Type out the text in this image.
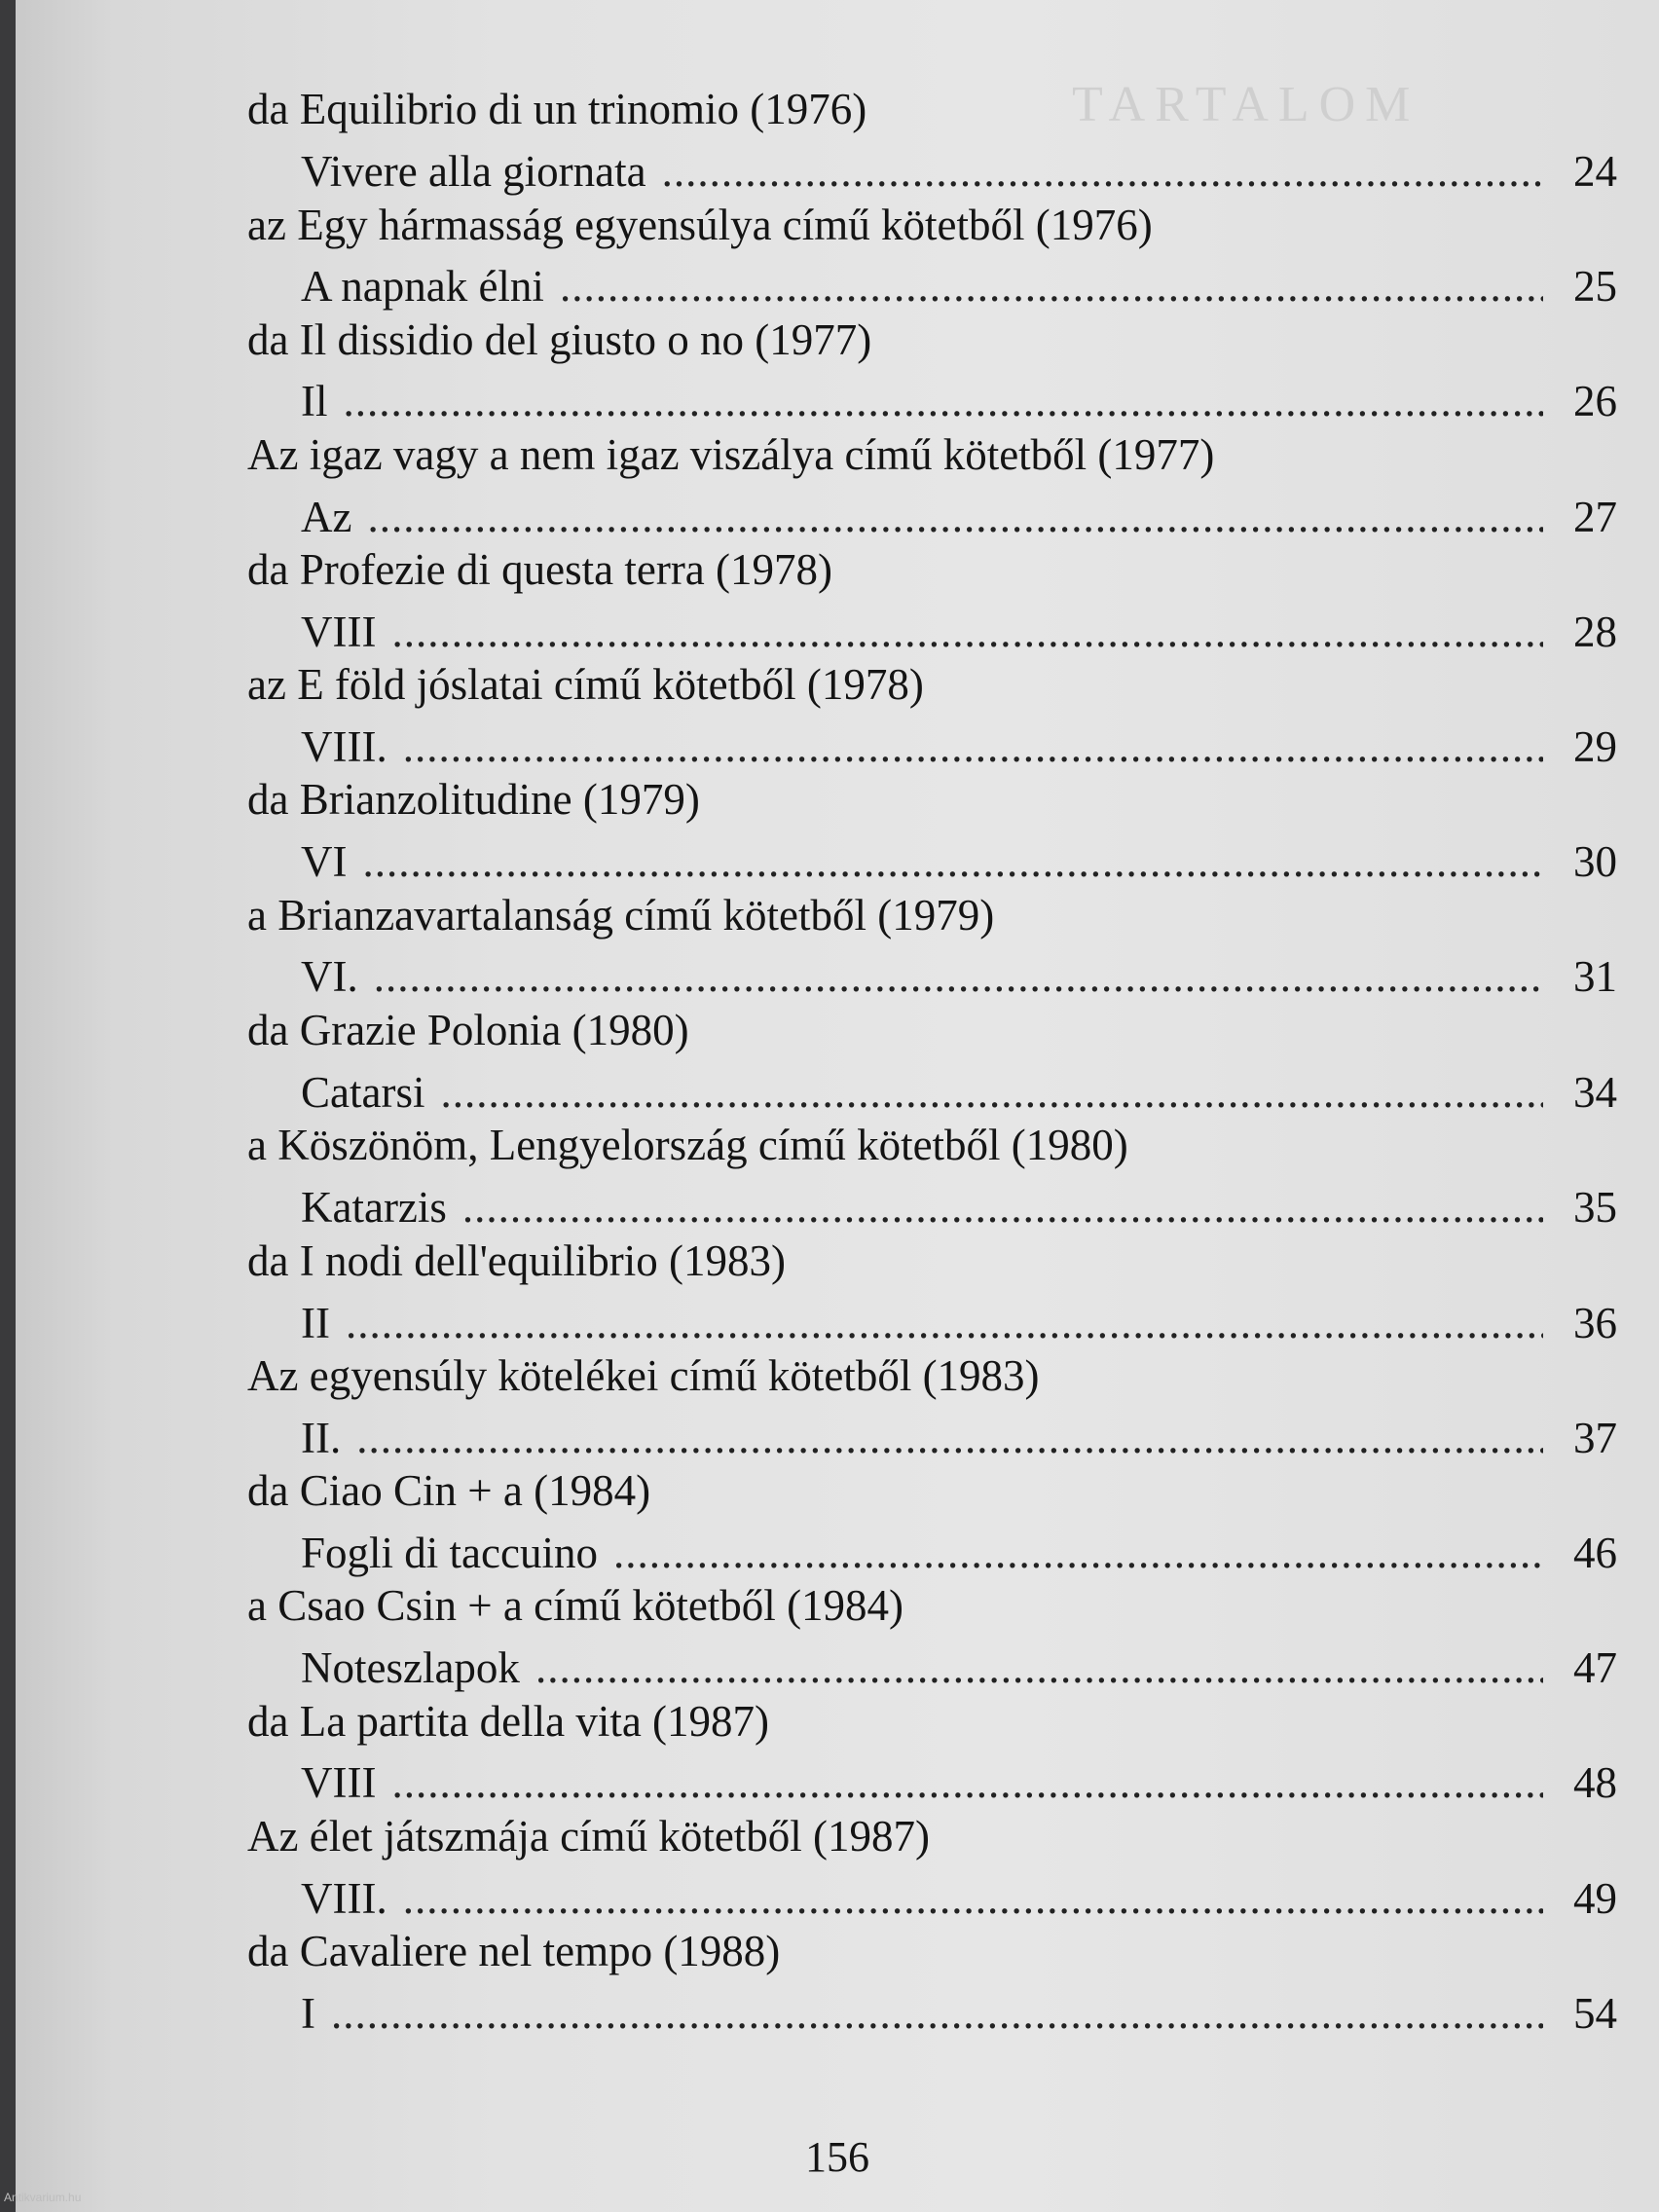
TARTALOM
da Equilibrio di un trinomio (1976)
Vivere alla giornata .....	24
az Egy hármasság egyensúlya című kötetből (1976)
A napnak élni .....	25
da Il dissidio del giusto o no (1977)
Il .....	26
Az igaz vagy a nem igaz viszálya című kötetből (1977)
Az .....	27
da Profezie di questa terra (1978)
VIII .....	28
az E föld jóslatai című kötetből (1978)
VIII. .....	29
da Brianzolitudine (1979)
VI .....	30
a Brianzavartalanság című kötetből (1979)
VI. .....	31
da Grazie Polonia (1980)
Catarsi .....	34
a Köszönöm, Lengyelország című kötetből (1980)
Katarzis .....	35
da I nodi dell'equilibrio (1983)
II .....	36
Az egyensúly kötelékei című kötetből (1983)
II. .....	37
da Ciao Cin + a (1984)
Fogli di taccuino .....	46
a Csao Csin + a című kötetből (1984)
Noteszlapok .....	47
da La partita della vita (1987)
VIII .....	48
Az élet játszmája című kötetből (1987)
VIII. .....	49
da Cavaliere nel tempo (1988)
I .....	54
156
Antikvarium.hu
